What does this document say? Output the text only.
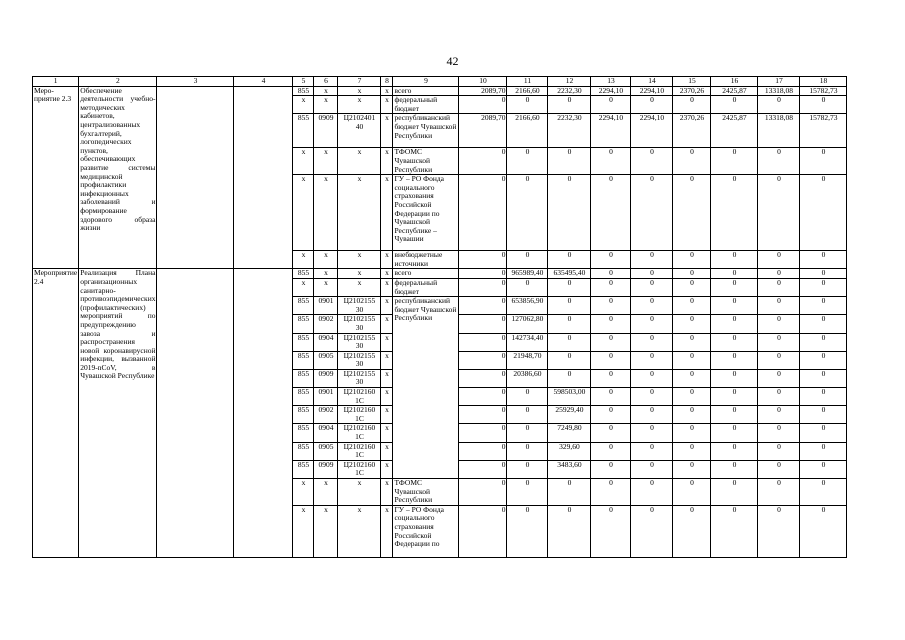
42
1	2	3	4	5	6	7	8	9	10	11	12	13	14	15	16	17	18
Меро-приятие 2.3	Обеспечение деятельности учебно-методических кабинетов, централизованных бухгалтерий, логопедических пунктов, обеспечивающих развитие системы медицинской профилактики инфекционных заболеваний и формирование здорового образа жизни			855	х	х	х	всего	2089,70	2166,60	2232,30	2294,10	2294,10	2370,26	2425,87	13318,08	15782,73
				х	х	х	х	федеральный бюджет	0	0	0	0	0	0	0	0	0
				855	0909	Ц2102401 40	х	республиканский бюджет Чувашской Республики	2089,70	2166,60	2232,30	2294,10	2294,10	2370,26	2425,87	13318,08	15782,73
				х	х	х	х	ТФОМС Чувашской Республики	0	0	0	0	0	0	0	0	0
				х	х	х	х	ГУ – РО Фонда социального страхования Российской Федерации по Чувашской Республике – Чувашии	0	0	0	0	0	0	0	0	0
				х	х	х	х	внебюджетные источники	0	0	0	0	0	0	0	0	0
Мероприятие 2.4	Реализация Плана организационных санитарно-противоэпидемических (профилактических) мероприятий по предупреждению завоза и распространения новой коронавирусной инфекции, вызванной 2019-nCoV, в Чувашской Республике			855	х	х	х	всего	0	965989,40	635495,40	0	0	0	0	0	0
				х	х	х	х	федеральный бюджет	0	0	0	0	0	0	0	0	0
				855	0901	Ц2102155 30	х	республиканский бюджет Чувашской Республики	0	653856,90	0	0	0	0	0	0	0
				855	0902	Ц2102155 30	х		0	127062,80	0	0	0	0	0	0	0
				855	0904	Ц2102155 30	х		0	142734,40	0	0	0	0	0	0	0
				855	0905	Ц2102155 30	х		0	21948,70	0	0	0	0	0	0	0
				855	0909	Ц2102155 30	х		0	20386,60	0	0	0	0	0	0	0
				855	0901	Ц2102160 1С	х		0	0	598503,00	0	0	0	0	0	0
				855	0902	Ц2102160 1С	х		0	0	25929,40	0	0	0	0	0	0
				855	0904	Ц2102160 1С	х		0	0	7249,80	0	0	0	0	0	0
				855	0905	Ц2102160 1С	х		0	0	329,60	0	0	0	0	0	0
				855	0909	Ц2102160 1С	х		0	0	3483,60	0	0	0	0	0	0
				х	х	х	х	ТФОМС Чувашской Республики	0	0	0	0	0	0	0	0	0
				х	х	х	х	ГУ – РО Фонда социального страхования Российской Федерации по	0	0	0	0	0	0	0	0	0
